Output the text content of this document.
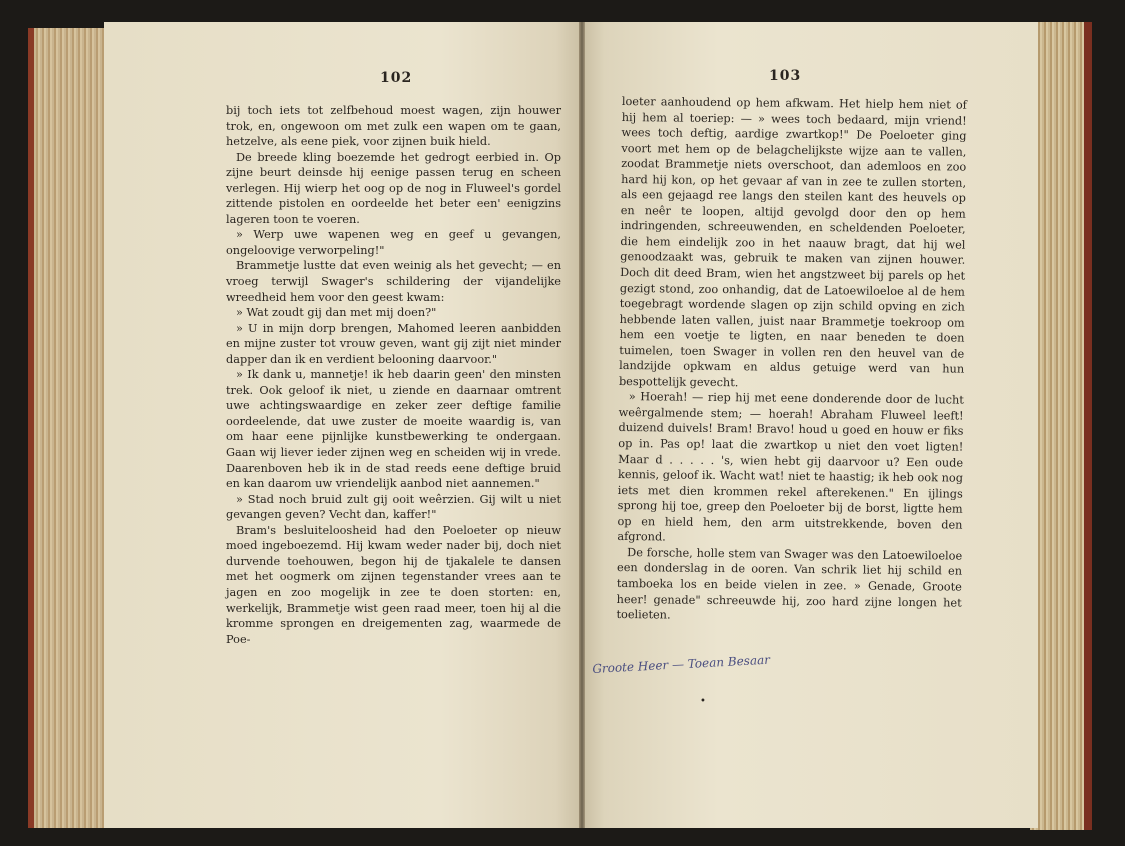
102	103

bij toch iets tot zelfbehoud moest wagen, zijn houwer trok, en, ongewoon om met zulk een wapen om te gaan, hetzelve, als eene piek, voor zijnen buik hield.

De breede kling boezemde het gedrogt eerbied in. Op zijne beurt deinsde hij eenige passen terug en scheen verlegen. Hij wierp het oog op de nog in Fluweel's gordel zittende pistolen en oordeelde het beter een' eenigzins lageren toon te voeren.

» Werp uwe wapenen weg en geef u gevangen, ongeloovige verworpeling!"

Brammetje lustte dat even weinig als het gevecht; — en vroeg terwijl Swager's schildering der vijandelijke wreedheid hem voor den geest kwam:

» Wat zoudt gij dan met mij doen?"

» U in mijn dorp brengen, Mahomed leeren aanbidden en mijne zuster tot vrouw geven, want gij zijt niet minder dapper dan ik en verdient belooning daarvoor."

» Ik dank u, mannetje! ik heb daarin geen' den minsten trek. Ook geloof ik niet, u ziende en daarnaar omtrent uwe achtingswaardige en zeker zeer deftige familie oordeelende, dat uwe zuster de moeite waardig is, van om haar eene pijnlijke kunstbewerking te ondergaan. Gaan wij liever ieder zijnen weg en scheiden wij in vrede. Daarenboven heb ik in de stad reeds eene deftige bruid en kan daarom uw vriendelijk aanbod niet aannemen."

» Stad noch bruid zult gij ooit weêrzien. Gij wilt u niet gevangen geven? Vecht dan, kaffer!"

Bram's besluiteloosheid had den Poeloeter op nieuw moed ingeboezemd. Hij kwam weder nader bij, doch niet durvende toehouwen, begon hij de tjakalele te dansen met het oogmerk om zijnen tegenstander vrees aan te jagen en zoo mogelijk in zee te doen storten: en, werkelijk, Brammetje wist geen raad meer, toen hij al die kromme sprongen en dreigementen zag, waarmede de Poe-

loeter aanhoudend op hem afkwam. Het hielp hem niet of hij hem al toeriep: — » wees toch bedaard, mijn vriend! wees toch deftig, aardige zwartkop!" De Poeloeter ging voort met hem op de belagchelijkste wijze aan te vallen, zoodat Brammetje niets overschoot, dan ademloos en zoo hard hij kon, op het gevaar af van in zee te zullen storten, als een gejaagd ree langs den steilen kant des heuvels op en neêr te loopen, altijd gevolgd door den op hem indringenden, schreeuwenden, en scheldenden Poeloeter, die hem eindelijk zoo in het naauw bragt, dat hij wel genoodzaakt was, gebruik te maken van zijnen houwer. Doch dit deed Bram, wien het angstzweet bij parels op het gezigt stond, zoo onhandig, dat de Latoewiloeloe al de hem toegebragt wordende slagen op zijn schild opving en zich hebbende laten vallen, juist naar Brammetje toekroop om hem een voetje te ligten, en naar beneden te doen tuimelen, toen Swager in vollen ren den heuvel van de landzijde opkwam en aldus getuige werd van hun bespottelijk gevecht.

» Hoerah! — riep hij met eene donderende door de lucht weêrgalmende stem; — hoerah! Abraham Fluweel leeft! duizend duivels! Bram! Bravo! houd u goed en houw er fiks op in. Pas op! laat die zwartkop u niet den voet ligten! Maar d . . . . . 's, wien hebt gij daarvoor u? Een oude kennis, geloof ik. Wacht wat! niet te haastig; ik heb ook nog iets met dien krommen rekel afterekenen." En ijlings sprong hij toe, greep den Poeloeter bij de borst, ligtte hem op en hield hem, den arm uitstrekkende, boven den afgrond.

De forsche, holle stem van Swager was den Latoewiloeloe een donderslag in de ooren. Van schrik liet hij schild en tamboeka los en beide vielen in zee. » Genade, Groote heer! genade" schreeuwde hij, zoo hard zijne longen het toelieten.

Groote Heer — Toean Besaar
•
